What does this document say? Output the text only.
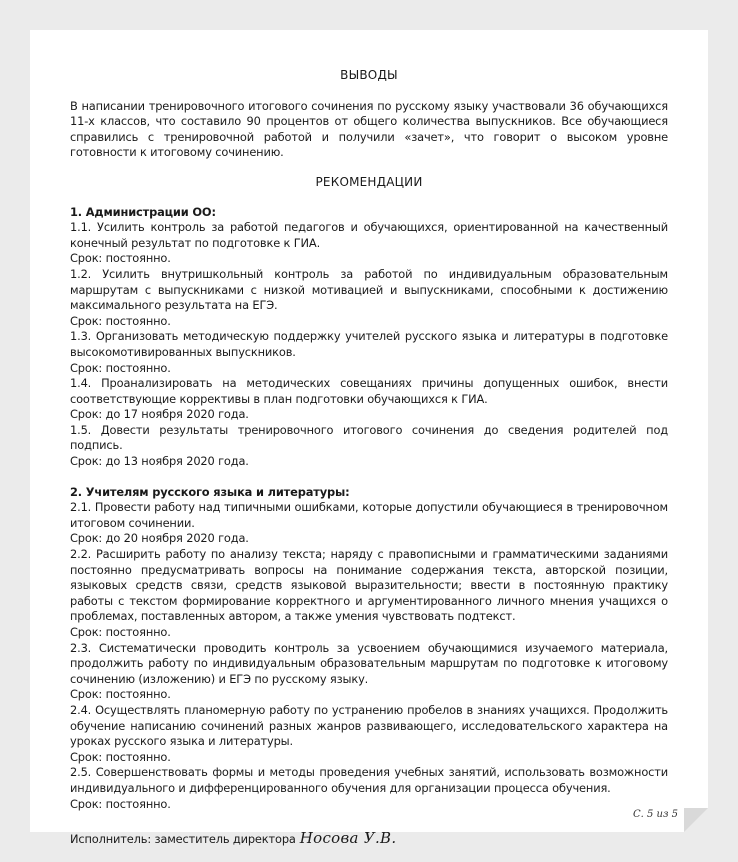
ВЫВОДЫ

В написании тренировочного итогового сочинения по русскому языку участвовали 36 обучающихся 11-х классов, что составило 90 процентов от общего количества выпускников. Все обучающиеся справились с тренировочной работой и получили «зачет», что говорит о высоком уровне готовности к итоговому сочинению.

РЕКОМЕНДАЦИИ

1. Администрации ОО:

1.1. Усилить контроль за работой педагогов и обучающихся, ориентированной на качественный конечный результат по подготовке к ГИА.

Срок: постоянно.

1.2. Усилить внутришкольный контроль за работой по индивидуальным образовательным маршрутам с выпускниками с низкой мотивацией и выпускниками, способными к достижению максимального результата на ЕГЭ.

Срок: постоянно.

1.3. Организовать методическую поддержку учителей русского языка и литературы в подготовке высокомотивированных выпускников.

Срок: постоянно.

1.4. Проанализировать на методических совещаниях причины допущенных ошибок, внести соответствующие коррективы в план подготовки обучающихся к ГИА.

Срок: до 17 ноября 2020 года.

1.5. Довести результаты тренировочного итогового сочинения до сведения родителей под подпись.

Срок: до 13 ноября 2020 года.

2. Учителям русского языка и литературы:

2.1. Провести работу над типичными ошибками, которые допустили обучающиеся в тренировочном итоговом сочинении.

Срок: до 20 ноября 2020 года.

2.2. Расширить работу по анализу текста; наряду с правописными и грамматическими заданиями постоянно предусматривать вопросы на понимание содержания текста, авторской позиции, языковых средств связи, средств языковой выразительности; ввести в постоянную практику работы с текстом формирование корректного и аргументированного личного мнения учащихся о проблемах, поставленных автором, а также умения чувствовать подтекст.

Срок: постоянно.

2.3. Систематически проводить контроль за усвоением обучающимися изучаемого материала, продолжить работу по индивидуальным образовательным маршрутам по подготовке к итоговому сочинению (изложению) и ЕГЭ по русскому языку.

Срок: постоянно.

2.4. Осуществлять планомерную работу по устранению пробелов в знаниях учащихся. Продолжить обучение написанию сочинений разных жанров развивающего, исследовательского характера на уроках русского языка и литературы.

Срок: постоянно.

2.5. Совершенствовать формы и методы проведения учебных занятий, использовать возможности индивидуального и дифференцированного обучения для организации процесса обучения.

Срок: постоянно.

Исполнитель: заместитель директора Носова У.В.
С. 5 из 5
